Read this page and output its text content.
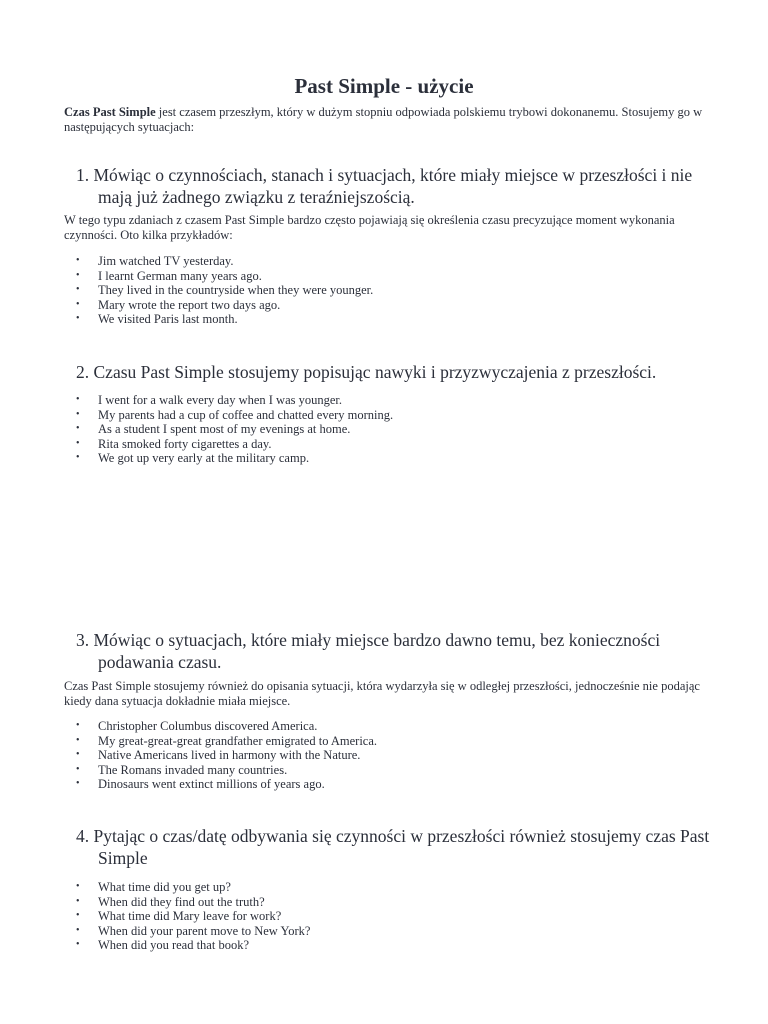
Past Simple - użycie

Czas Past Simple jest czasem przeszłym, który w dużym stopniu odpowiada polskiemu trybowi dokonanemu. Stosujemy go w następujących sytuacjach:

1. Mówiąc o czynnościach, stanach i sytuacjach, które miały miejsce w przeszłości i nie mają już żadnego związku z teraźniejszością.

W tego typu zdaniach z czasem Past Simple bardzo często pojawiają się określenia czasu precyzujące moment wykonania czynności. Oto kilka przykładów:

• Jim watched TV yesterday.
• I learnt German many years ago.
• They lived in the countryside when they were younger.
• Mary wrote the report two days ago.
• We visited Paris last month.

2. Czasu Past Simple stosujemy popisując nawyki i przyzwyczajenia z przeszłości.

• I went for a walk every day when I was younger.
• My parents had a cup of coffee and chatted every morning.
• As a student I spent most of my evenings at home.
• Rita smoked forty cigarettes a day.
• We got up very early at the military camp.

3. Mówiąc o sytuacjach, które miały miejsce bardzo dawno temu, bez konieczności podawania czasu.

Czas Past Simple stosujemy również do opisania sytuacji, która wydarzyła się w odległej przeszłości, jednocześnie nie podając kiedy dana sytuacja dokładnie miała miejsce.

• Christopher Columbus discovered America.
• My great-great-great grandfather emigrated to America.
• Native Americans lived in harmony with the Nature.
• The Romans invaded many countries.
• Dinosaurs went extinct millions of years ago.

4. Pytając o czas/datę odbywania się czynności w przeszłości również stosujemy czas Past Simple

• What time did you get up?
• When did they find out the truth?
• What time did Mary leave for work?
• When did your parent move to New York?
• When did you read that book?
